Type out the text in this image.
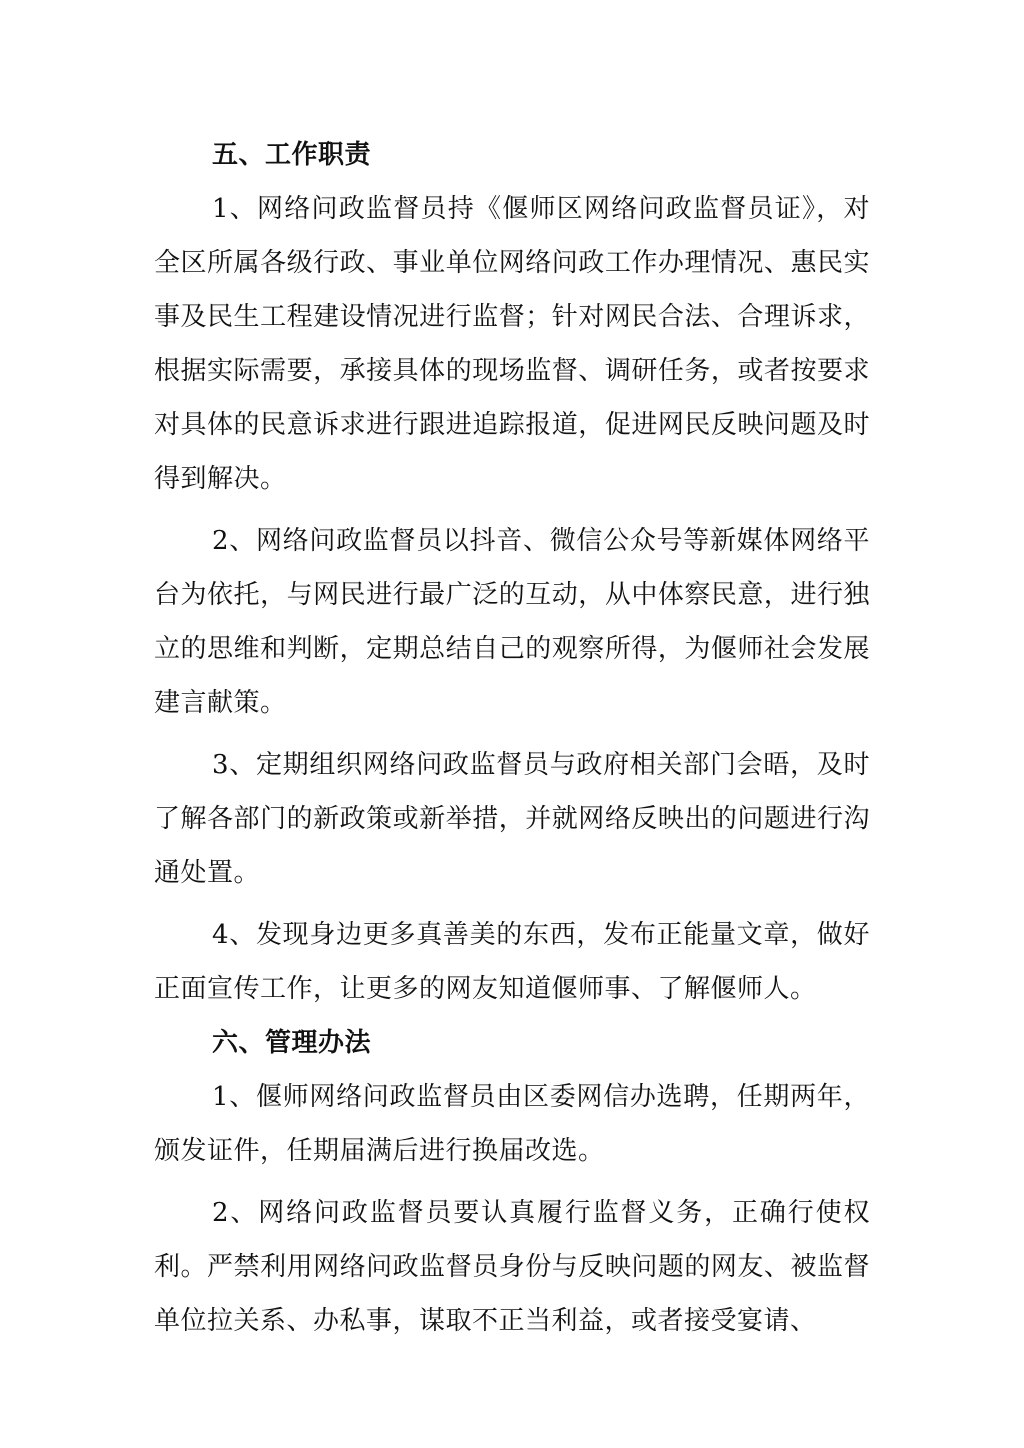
五、工作职责

1、网络问政监督员持《偃师区网络问政监督员证》，对全区所属各级行政、事业单位网络问政工作办理情况、惠民实事及民生工程建设情况进行监督；针对网民合法、合理诉求，根据实际需要，承接具体的现场监督、调研任务，或者按要求对具体的民意诉求进行跟进追踪报道，促进网民反映问题及时得到解决。

2、网络问政监督员以抖音、微信公众号等新媒体网络平台为依托，与网民进行最广泛的互动，从中体察民意，进行独立的思维和判断，定期总结自己的观察所得，为偃师社会发展建言献策。

3、定期组织网络问政监督员与政府相关部门会晤，及时了解各部门的新政策或新举措，并就网络反映出的问题进行沟通处置。

4、发现身边更多真善美的东西，发布正能量文章，做好正面宣传工作，让更多的网友知道偃师事、了解偃师人。

六、管理办法

1、偃师网络问政监督员由区委网信办选聘，任期两年，颁发证件，任期届满后进行换届改选。

2、网络问政监督员要认真履行监督义务，正确行使权利。严禁利用网络问政监督员身份与反映问题的网友、被监督单位拉关系、办私事，谋取不正当利益，或者接受宴请、
